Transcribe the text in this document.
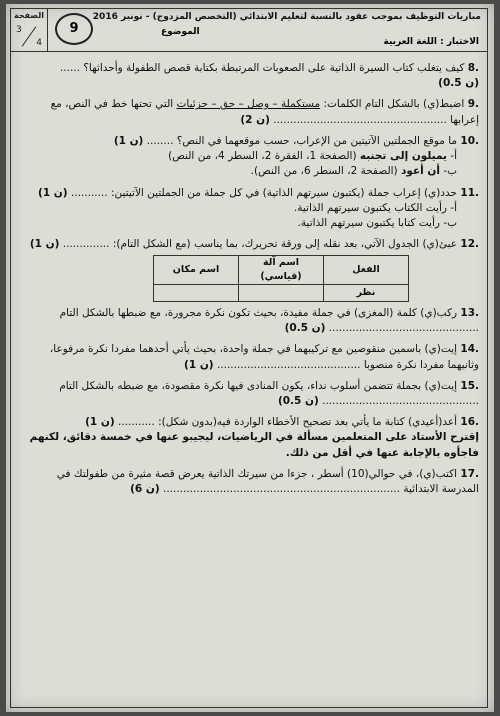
الصفحة
3
4
9
مباريات التوظيف بموجب عقود بالنسبة لتعليم الابتدائي (التخصص المزدوج) - نونبر 2016
الموضوع
الاختبار : اللغة العربية

8. كيف يتغلب كتاب السيرة الذاتية على الصعوبات المرتبطة بكتابة قصص الطفولة وأحداثها؟ ...... (0.5 ن)

9. اضبط(ي) بالشكل التام الكلمات: مستكملة – وصل – حق – جزئيات التي تحتها خط في النص، مع إعرابها .................................................... (2 ن)

10. ما موقع الجملتين الآتيتين من الإعراب، حسب موقعهما في النص؟ ........ (1 ن)

أ- يميلون إلى تجنبه (الصفحة 1، الفقرة 2، السطر 4، من النص)

ب- أن أعود (الصفحة 2، السطر 6، من النص).

11. حدد(ي) إعراب جملة (يكتبون سيرتهم الذاتية) في كل جملة من الجملتين الآتيتين: ........... (1 ن)

أ- رأيت الكتاب يكتبون سيرتهم الذاتية.

ب- رأيت كتابا يكتبون سيرتهم الذاتية.

12. عبئ(ي) الجدول الآتي، بعد نقله إلى ورقة تحريرك، بما يناسب (مع الشكل التام): .............. (1 ن)

الفعل	اسم آلة (قياسي)	اسم مكان
نظر		

13. ركب(ي) كلمة (المغزى) في جملة مفيدة، بحيث تكون نكرة مجرورة، مع ضبطها بالشكل التام ............................................. (0.5 ن)

14. إيت(ي) باسمين منقوصين مع تركيبهما في جملة واحدة، بحيث يأتي أحدهما مفردا نكرة مرفوعا، وثانيهما مفردا نكرة منصوبا ........................................... (1 ن)

15. إيت(ي) بجملة تتضمن أسلوب نداء، يكون المنادى فيها نكرة مقصودة، مع ضبطه بالشكل التام ............................................... (0.5 ن)

16. أعد(أعيدي) كتابة ما يأتي بعد تصحيح الأخطاء الواردة فيه(بدون شكل): ........... (1 ن)

إقترح الأستاد على المتعلمين مسألة في الرياضيات، ليجيبو عنها في خمسة دقائق، لكنهم فاجأوه بالإجابة عنها في أقل من ذلك.

17. اكتب(ي)، في حوالي(10) أسطر ، جزءا من سيرتك الذاتية يعرض قصة مثيرة من طفولتك في المدرسة الابتدائية ....................................................................... (6 ن)
